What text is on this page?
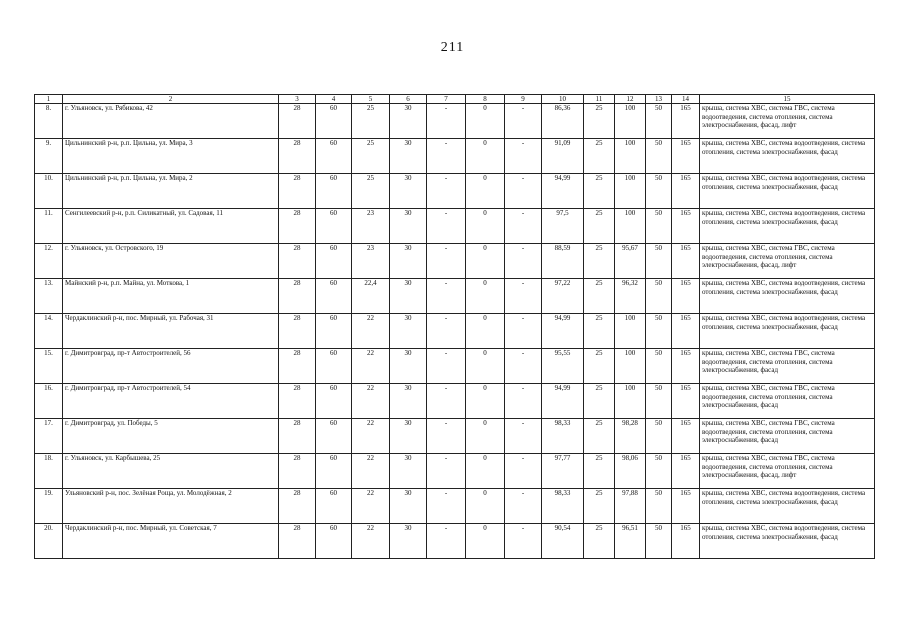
211
1	2	3	4	5	6	7	8	9	10	11	12	13	14	15
8.	г. Ульяновск, ул. Рябикова, 42	28	60	25	30	-	0	-	86,36	25	100	50	165	крыша, система ХВС, система ГВС, система водоотведения, система отопления, система электроснабжения, фасад, лифт
9.	Цильнинский р-н, р.п. Цильна, ул. Мира, 3	28	60	25	30	-	0	-	91,09	25	100	50	165	крыша, система ХВС, система водоотведения, система отопления, система электроснабжения, фасад
10.	Цильнинский р-н, р.п. Цильна, ул. Мира, 2	28	60	25	30	-	0	-	94,99	25	100	50	165	крыша, система ХВС, система водоотведения, система отопления, система электроснабжения, фасад
11.	Сенгилеевский р-н, р.п. Силикатный, ул. Садовая, 11	28	60	23	30	-	0	-	97,5	25	100	50	165	крыша, система ХВС, система водоотведения, система отопления, система электроснабжения, фасад
12.	г. Ульяновск, ул. Островского, 19	28	60	23	30	-	0	-	88,59	25	95,67	50	165	крыша, система ХВС, система ГВС, система водоотведения, система отопления, система электроснабжения, фасад, лифт
13.	Майнский р-н, р.п. Майна, ул. Моткова, 1	28	60	22,4	30	-	0	-	97,22	25	96,32	50	165	крыша, система ХВС, система водоотведения, система отопления, система электроснабжения, фасад
14.	Чердаклинский р-н, пос. Мирный, ул. Рабочая, 31	28	60	22	30	-	0	-	94,99	25	100	50	165	крыша, система ХВС, система водоотведения, система отопления, система электроснабжения, фасад
15.	г. Димитровград, пр-т Автостроителей, 56	28	60	22	30	-	0	-	95,55	25	100	50	165	крыша, система ХВС, система ГВС, система водоотведения, система отопления, система электроснабжения, фасад
16.	г. Димитровград, пр-т Автостроителей, 54	28	60	22	30	-	0	-	94,99	25	100	50	165	крыша, система ХВС, система ГВС, система водоотведения, система отопления, система электроснабжения, фасад
17.	г. Димитровград, ул. Победы, 5	28	60	22	30	-	0	-	98,33	25	98,28	50	165	крыша, система ХВС, система ГВС, система водоотведения, система отопления, система электроснабжения, фасад
18.	г. Ульяновск, ул. Карбышева, 25	28	60	22	30	-	0	-	97,77	25	98,06	50	165	крыша, система ХВС, система ГВС, система водоотведения, система отопления, система электроснабжения, фасад, лифт
19.	Ульяновский р-н, пос. Зелёная Роща, ул. Молодёжная, 2	28	60	22	30	-	0	-	98,33	25	97,88	50	165	крыша, система ХВС, система водоотведения, система отопления, система электроснабжения, фасад
20.	Чердаклинский р-н, пос. Мирный, ул. Советская, 7	28	60	22	30	-	0	-	90,54	25	96,51	50	165	крыша, система ХВС, система водоотведения, система отопления, система электроснабжения, фасад
